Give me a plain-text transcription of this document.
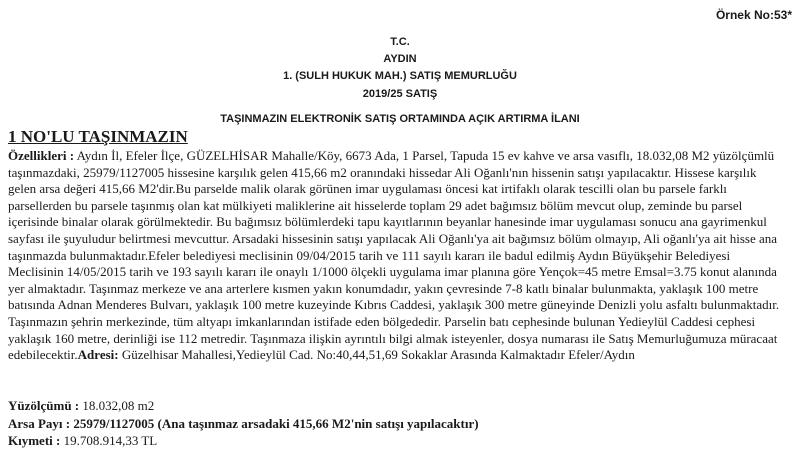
Örnek No:53*
T.C.
AYDIN
1. (SULH HUKUK MAH.) SATIŞ MEMURLUĞU
2019/25 SATIŞ
TAŞINMAZIN ELEKTRONİK SATIŞ ORTAMINDA AÇIK ARTIRMA İLANI
1 NO'LU TAŞINMAZIN
Özellikleri : Aydın İl, Efeler İlçe, GÜZELHİSAR Mahalle/Köy, 6673 Ada, 1 Parsel, Tapuda 15 ev kahve ve arsa vasıflı, 18.032,08 M2 yüzölçümlü taşınmazdaki, 25979/1127005 hissesine karşılık gelen 415,66 m2 oranındaki hissedar Ali Oğanlı'nın hissenin satışı yapılacaktır. Hissese karşılık gelen arsa değeri 415,66 M2'dir.Bu parselde malik olarak görünen imar uygulaması öncesi kat irtifaklı olarak tescilli olan bu parsele farklı parsellerden bu parsele taşınmış olan kat mülkiyeti maliklerine ait hisselerde toplam 29 adet bağımsız bölüm mevcut olup, zeminde bu parsel içerisinde binalar olarak görülmektedir. Bu bağımsız bölümlerdeki tapu kayıtlarının beyanlar hanesinde imar uygulaması sonucu ana gayrimenkul sayfası ile şuyuludur belirtmesi mevcuttur. Arsadaki hissesinin satışı yapılacak Ali Oğanlı'ya ait bağımsız bölüm olmayıp, Ali oğanlı'ya ait hisse ana taşınmazda bulunmaktadır.Efeler belediyesi meclisinin 09/04/2015 tarih ve 111 sayılı kararı ile badul edilmiş Aydın Büyükşehir Belediyesi Meclisinin 14/05/2015 tarih ve 193 sayılı kararı ile onaylı 1/1000 ölçekli uygulama imar planına göre Yençok=45 metre Emsal=3.75 konut alanında yer almaktadır. Taşınmaz merkeze ve ana arterlere kısmen yakın konumdadır, yakın çevresinde 7-8 katlı binalar bulunmakta, yaklaşık 100 metre batısında Adnan Menderes Bulvarı, yaklaşık 100 metre kuzeyinde Kıbrıs Caddesi, yaklaşık 300 metre güneyinde Denizli yolu asfaltı bulunmaktadır. Taşınmazın şehrin merkezinde, tüm altyapı imkanlarından istifade eden bölgededir. Parselin batı cephesinde bulunan Yedieylül Caddesi cephesi yaklaşık 160 metre, derinliği ise 112 metredir. Taşınmaza ilişkin ayrıntılı bilgi almak isteyenler, dosya numarası ile Satış Memurluğumuza müracaat edebilecektir.Adresi: Güzelhisar Mahallesi,Yedieylül Cad. No:40,44,51,69 Sokaklar Arasında Kalmaktadır Efeler/Aydın
Yüzölçümü : 18.032,08 m2
Arsa Payı : 25979/1127005 (Ana taşınmaz arsadaki 415,66 M2'nin satışı yapılacaktır)
Kıymeti : 19.708.914,33 TL
